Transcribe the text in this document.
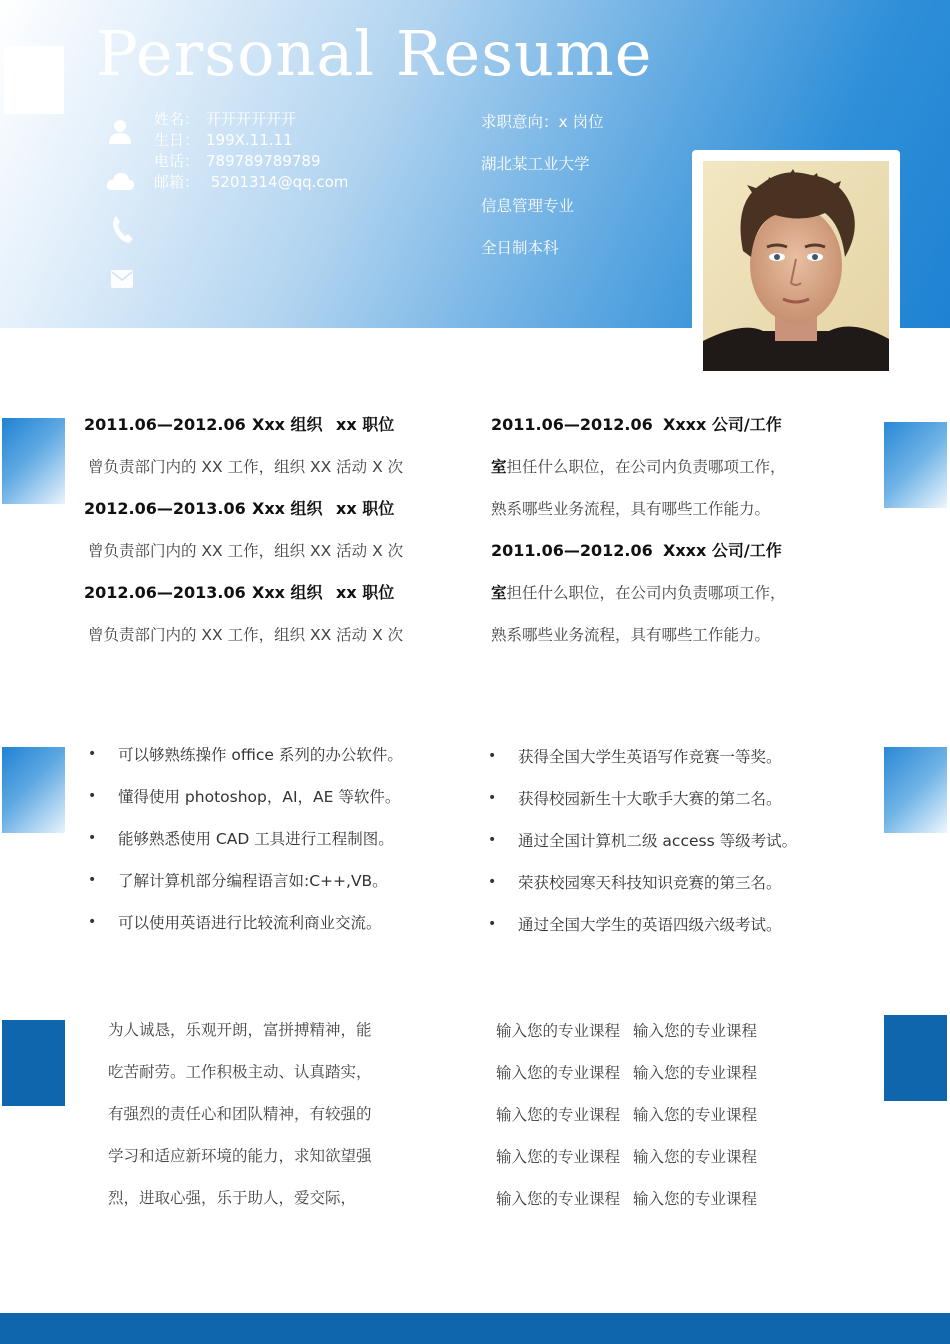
Personal Resume
姓名： 开开开开开开
生日： 199X.11.11
电话： 789789789789
邮箱： 5201314@qq.com
求职意向：x 岗位
湖北某工业大学
信息管理专业
全日制本科
2011.06—2012.06 Xxx 组织 xx 职位
曾负责部门内的 XX 工作，组织 XX 活动 X 次
2012.06—2013.06 Xxx 组织 xx 职位
曾负责部门内的 XX 工作，组织 XX 活动 X 次
2012.06—2013.06 Xxx 组织 xx 职位
曾负责部门内的 XX 工作，组织 XX 活动 X 次
2011.06—2012.06 Xxxx 公司/工作
室担任什么职位，在公司内负责哪项工作，
熟系哪些业务流程，具有哪些工作能力。
2011.06—2012.06 Xxxx 公司/工作
室担任什么职位，在公司内负责哪项工作，
熟系哪些业务流程，具有哪些工作能力。
• 可以够熟练操作 office 系列的办公软件。
• 懂得使用 photoshop，AI，AE 等软件。
• 能够熟悉使用 CAD 工具进行工程制图。
• 了解计算机部分编程语言如:C++,VB。
• 可以使用英语进行比较流利商业交流。
• 获得全国大学生英语写作竞赛一等奖。
• 获得校园新生十大歌手大赛的第二名。
• 通过全国计算机二级 access 等级考试。
• 荣获校园寒天科技知识竞赛的第三名。
• 通过全国大学生的英语四级六级考试。
为人诚恳，乐观开朗，富拼搏精神，能
吃苦耐劳。工作积极主动、认真踏实，
有强烈的责任心和团队精神，有较强的
学习和适应新环境的能力，求知欲望强
烈，进取心强，乐于助人，爱交际，
输入您的专业课程 输入您的专业课程
输入您的专业课程 输入您的专业课程
输入您的专业课程 输入您的专业课程
输入您的专业课程 输入您的专业课程
输入您的专业课程 输入您的专业课程
